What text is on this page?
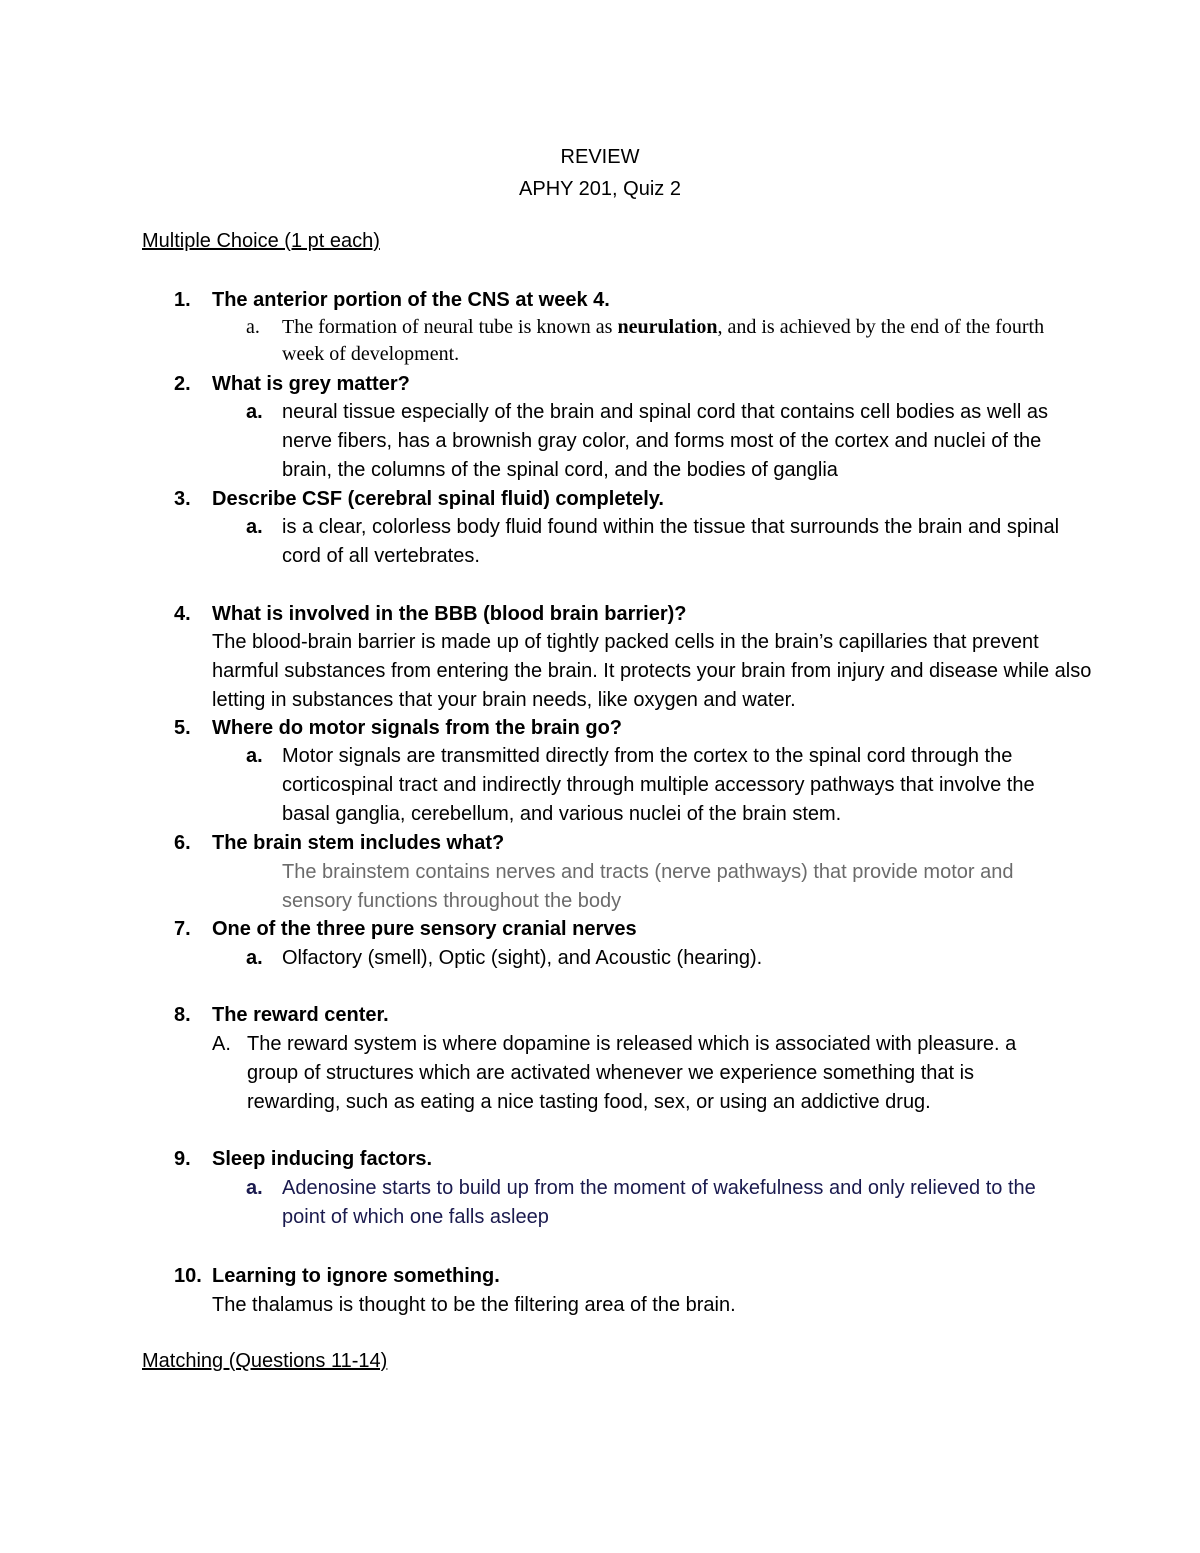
REVIEW
APHY 201, Quiz 2
Multiple Choice (1 pt each)
1. The anterior portion of the CNS at week 4.
a.	The formation of neural tube is known as neurulation, and is achieved by the end of the fourth week of development.
2. What is grey matter?
a. neural tissue especially of the brain and spinal cord that contains cell bodies as well as nerve fibers, has a brownish gray color, and forms most of the cortex and nuclei of the brain, the columns of the spinal cord, and the bodies of ganglia
3. Describe CSF (cerebral spinal fluid) completely.
a. is a clear, colorless body fluid found within the tissue that surrounds the brain and spinal cord of all vertebrates.
4. What is involved in the BBB (blood brain barrier)?
The blood-brain barrier is made up of tightly packed cells in the brain’s capillaries that prevent harmful substances from entering the brain. It protects your brain from injury and disease while also letting in substances that your brain needs, like oxygen and water.
5. Where do motor signals from the brain go?
a. Motor signals are transmitted directly from the cortex to the spinal cord through the corticospinal tract and indirectly through multiple accessory pathways that involve the basal ganglia, cerebellum, and various nuclei of the brain stem.
6. The brain stem includes what?
The brainstem contains nerves and tracts (nerve pathways) that provide motor and sensory functions throughout the body
7. One of the three pure sensory cranial nerves
a. Olfactory (smell), Optic (sight), and Acoustic (hearing).
8. The reward center.
A. The reward system is where dopamine is released which is associated with pleasure. a group of structures which are activated whenever we experience something that is rewarding, such as eating a nice tasting food, sex, or using an addictive drug.
9. Sleep inducing factors.
a. Adenosine starts to build up from the moment of wakefulness and only relieved to the point of which one falls asleep
10. Learning to ignore something.
The thalamus is thought to be the filtering area of the brain.
Matching (Questions 11-14)
